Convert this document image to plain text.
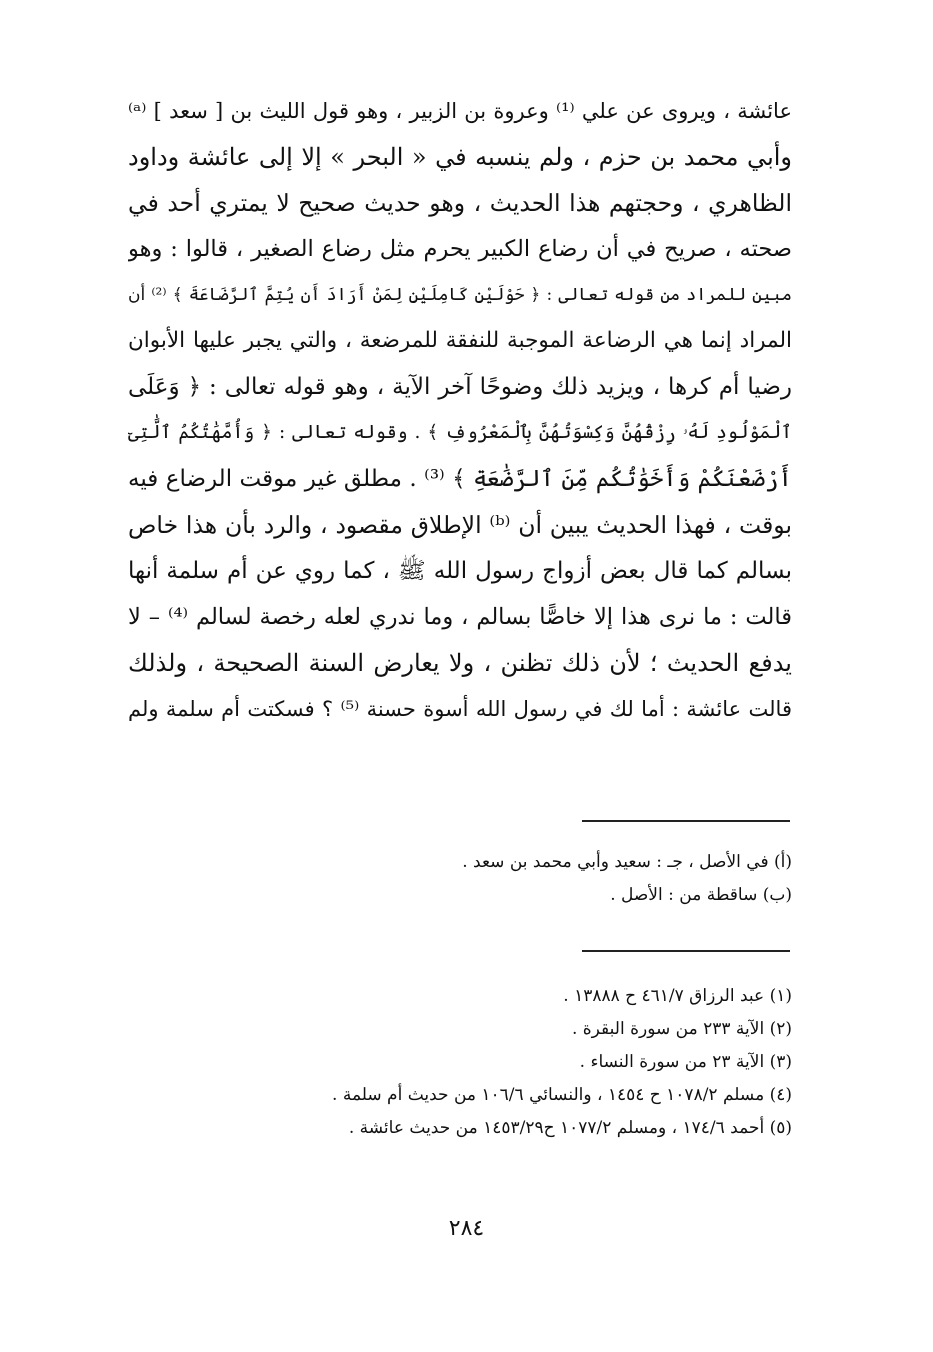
عائشة ، ويروى عن علي ⁽¹⁾ وعروة بن الزبير ، وهو قول الليث بن [ سعد ] ⁽ᵃ⁾
وأبي محمد بن حزم ، ولم ينسبه في « البحر » إلا إلى عائشة وداود
الظاهري ، وحجتهم هذا الحديث ، وهو حديث صحيح لا يمتري أحد في
صحته ، صريح في أن رضاع الكبير يحرم مثل رضاع الصغير ، قالوا : وهو
مبين للمراد من قوله تعالى : ﴿ حَوْلَيْنِ كَامِلَيْنِ لِمَنْ أَرَادَ أَن يُتِمَّ ٱلرَّضَاعَةَ ﴾ ⁽²⁾ أن
المراد إنما هي الرضاعة الموجبة للنفقة للمرضعة ، والتي يجبر عليها الأبوان
رضيا أم كرها ، ويزيد ذلك وضوحًا آخر الآية ، وهو قوله تعالى : ﴿ وَعَلَى
ٱلْمَوْلُودِ لَهُۥ رِزْقُهُنَّ وَكِسْوَتُهُنَّ بِٱلْمَعْرُوفِ ﴾ . وقوله تعالى : ﴿ وَأُمَّهَٰتُكُمُ ٱلَّٰتِىٓ
أَرْضَعْنَكُمْ وَأَخَوَٰتُكُم مِّنَ ٱلرَّضَٰعَةِ ﴾ ⁽³⁾ . مطلق غير موقت الرضاع فيه
بوقت ، فهذا الحديث يبين أن ⁽ᵇ⁾ الإطلاق مقصود ، والرد بأن هذا خاص
بسالم كما قال بعض أزواج رسول الله ﷺ ، كما روي عن أم سلمة أنها
قالت : ما نرى هذا إلا خاصًّا بسالم ، وما ندري لعله رخصة لسالم ⁽⁴⁾ – لا
يدفع الحديث ؛ لأن ذلك تظنن ، ولا يعارض السنة الصحيحة ، ولذلك
قالت عائشة : أما لك في رسول الله أسوة حسنة ⁽⁵⁾ ؟ فسكتت أم سلمة ولم
(أ) في الأصل ، جـ : سعيد وأبي محمد بن سعد .
(ب) ساقطة من : الأصل .
(١) عبد الرزاق ٤٦١/٧ ح ١٣٨٨٨ .
(٢) الآية ٢٣٣ من سورة البقرة .
(٣) الآية ٢٣ من سورة النساء .
(٤) مسلم ١٠٧٨/٢ ح ١٤٥٤ ، والنسائي ١٠٦/٦ من حديث أم سلمة .
(٥) أحمد ١٧٤/٦ ، ومسلم ١٠٧٧/٢ ح١٤٥٣/٢٩ من حديث عائشة .
٢٨٤
